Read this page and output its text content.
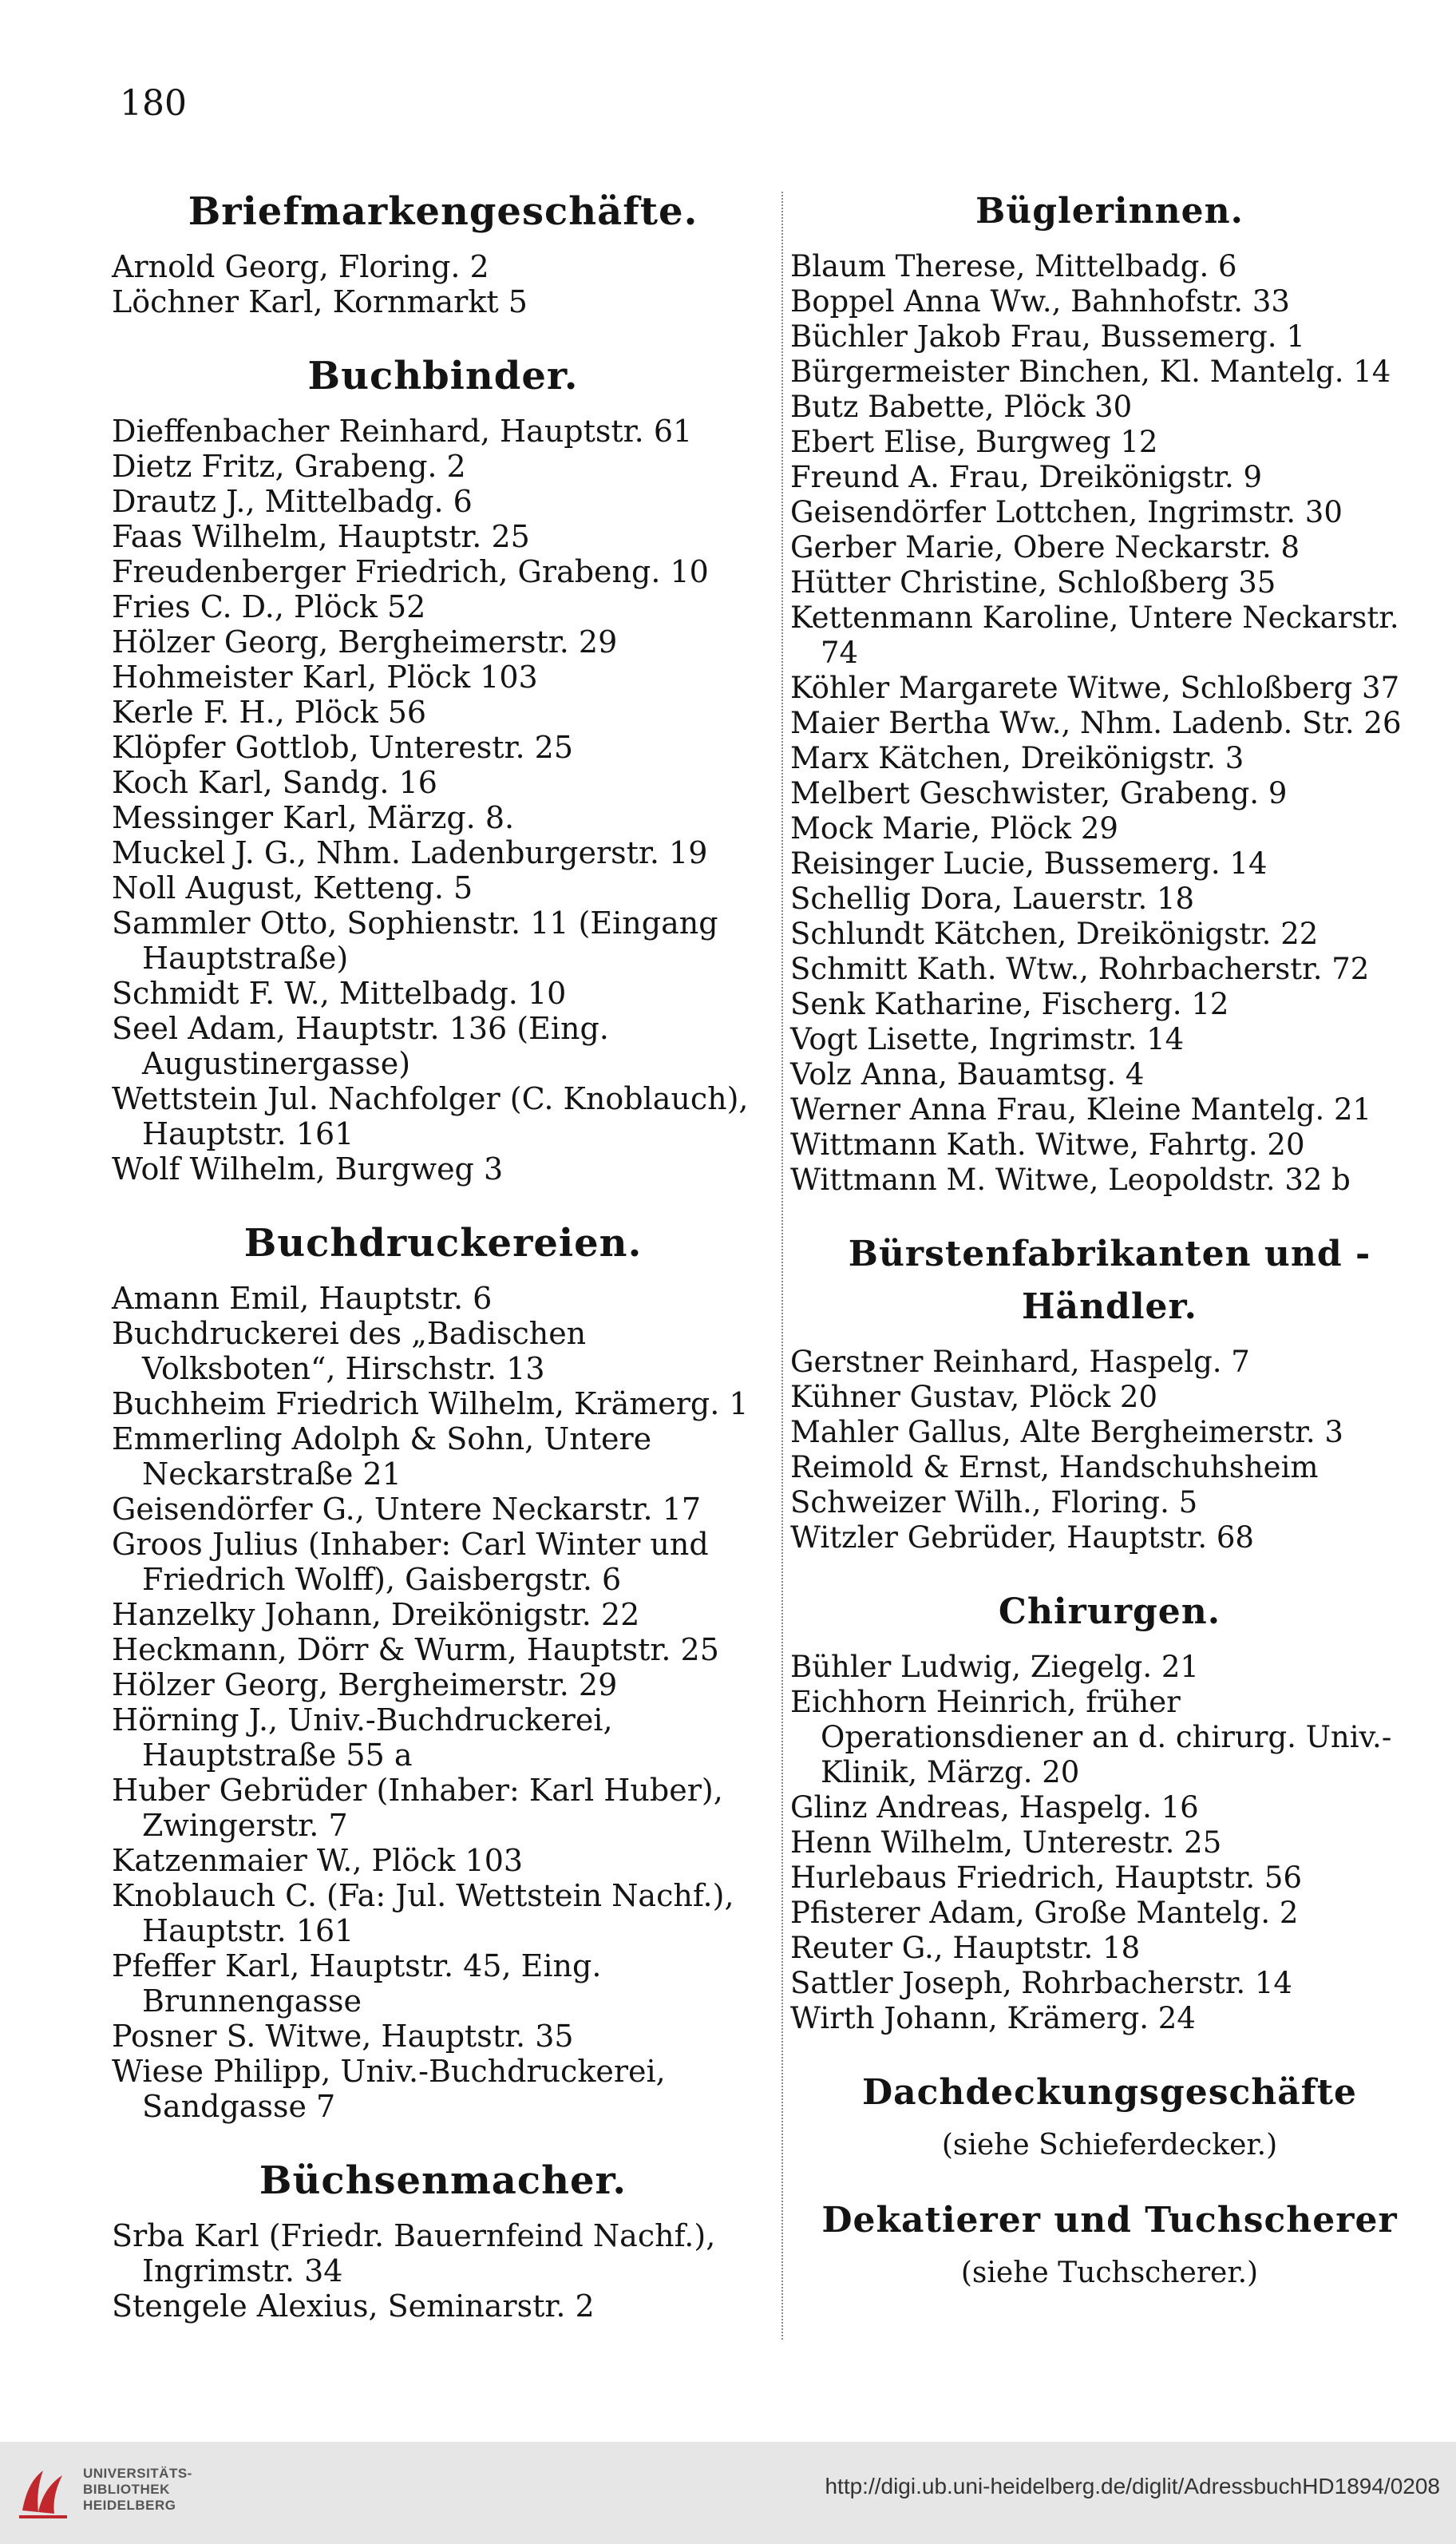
180
Briefmarkengeschäfte.
Arnold Georg, Floring. 2
Löchner Karl, Kornmarkt 5
Buchbinder.
Dieffenbacher Reinhard, Hauptstr. 61
Dietz Fritz, Grabeng. 2
Drautz J., Mittelbadg. 6
Faas Wilhelm, Hauptstr. 25
Freudenberger Friedrich, Grabeng. 10
Fries C. D., Plöck 52
Hölzer Georg, Bergheimerstr. 29
Hohmeister Karl, Plöck 103
Kerle F. H., Plöck 56
Klöpfer Gottlob, Unterestr. 25
Koch Karl, Sandg. 16
Messinger Karl, Märzg. 8.
Muckel J. G., Nhm. Ladenburgerstr. 19
Noll August, Ketteng. 5
Sammler Otto, Sophienstr. 11 (Eingang Hauptstraße)
Schmidt F. W., Mittelbadg. 10
Seel Adam, Hauptstr. 136 (Eing. Augustinergasse)
Wettstein Jul. Nachfolger (C. Knoblauch), Hauptstr. 161
Wolf Wilhelm, Burgweg 3
Buchdruckereien.
Amann Emil, Hauptstr. 6
Buchdruckerei des „Badischen Volksboten“, Hirschstr. 13
Buchheim Friedrich Wilhelm, Krämerg. 1
Emmerling Adolph & Sohn, Untere Neckarstraße 21
Geisendörfer G., Untere Neckarstr. 17
Groos Julius (Inhaber: Carl Winter und Friedrich Wolff), Gaisbergstr. 6
Hanzelky Johann, Dreikönigstr. 22
Heckmann, Dörr & Wurm, Hauptstr. 25
Hölzer Georg, Bergheimerstr. 29
Hörning J., Univ.-Buchdruckerei, Hauptstraße 55 a
Huber Gebrüder (Inhaber: Karl Huber), Zwingerstr. 7
Katzenmaier W., Plöck 103
Knoblauch C. (Fa: Jul. Wettstein Nachf.), Hauptstr. 161
Pfeffer Karl, Hauptstr. 45, Eing. Brunnengasse
Posner S. Witwe, Hauptstr. 35
Wiese Philipp, Univ.-Buchdruckerei, Sandgasse 7
Büchsenmacher.
Srba Karl (Friedr. Bauernfeind Nachf.), Ingrimstr. 34
Stengele Alexius, Seminarstr. 2
Büglerinnen.
Blaum Therese, Mittelbadg. 6
Boppel Anna Ww., Bahnhofstr. 33
Büchler Jakob Frau, Bussemerg. 1
Bürgermeister Binchen, Kl. Mantelg. 14
Butz Babette, Plöck 30
Ebert Elise, Burgweg 12
Freund A. Frau, Dreikönigstr. 9
Geisendörfer Lottchen, Ingrimstr. 30
Gerber Marie, Obere Neckarstr. 8
Hütter Christine, Schloßberg 35
Kettenmann Karoline, Untere Neckarstr. 74
Köhler Margarete Witwe, Schloßberg 37
Maier Bertha Ww., Nhm. Ladenb. Str. 26
Marx Kätchen, Dreikönigstr. 3
Melbert Geschwister, Grabeng. 9
Mock Marie, Plöck 29
Reisinger Lucie, Bussemerg. 14
Schellig Dora, Lauerstr. 18
Schlundt Kätchen, Dreikönigstr. 22
Schmitt Kath. Wtw., Rohrbacherstr. 72
Senk Katharine, Fischerg. 12
Vogt Lisette, Ingrimstr. 14
Volz Anna, Bauamtsg. 4
Werner Anna Frau, Kleine Mantelg. 21
Wittmann Kath. Witwe, Fahrtg. 20
Wittmann M. Witwe, Leopoldstr. 32 b
Bürstenfabrikanten und -Händler.
Gerstner Reinhard, Haspelg. 7
Kühner Gustav, Plöck 20
Mahler Gallus, Alte Bergheimerstr. 3
Reimold & Ernst, Handschuhsheim
Schweizer Wilh., Floring. 5
Witzler Gebrüder, Hauptstr. 68
Chirurgen.
Bühler Ludwig, Ziegelg. 21
Eichhorn Heinrich, früher Operationsdiener an d. chirurg. Univ.-Klinik, Märzg. 20
Glinz Andreas, Haspelg. 16
Henn Wilhelm, Unterestr. 25
Hurlebaus Friedrich, Hauptstr. 56
Pfisterer Adam, Große Mantelg. 2
Reuter G., Hauptstr. 18
Sattler Joseph, Rohrbacherstr. 14
Wirth Johann, Krämerg. 24
Dachdeckungsgeschäfte
(siehe Schieferdecker.)
Dekatierer und Tuchscherer
(siehe Tuchscherer.)
UNIVERSITÄTS-
BIBLIOTHEK
HEIDELBERG
http://digi.ub.uni-heidelberg.de/diglit/AdressbuchHD1894/0208
